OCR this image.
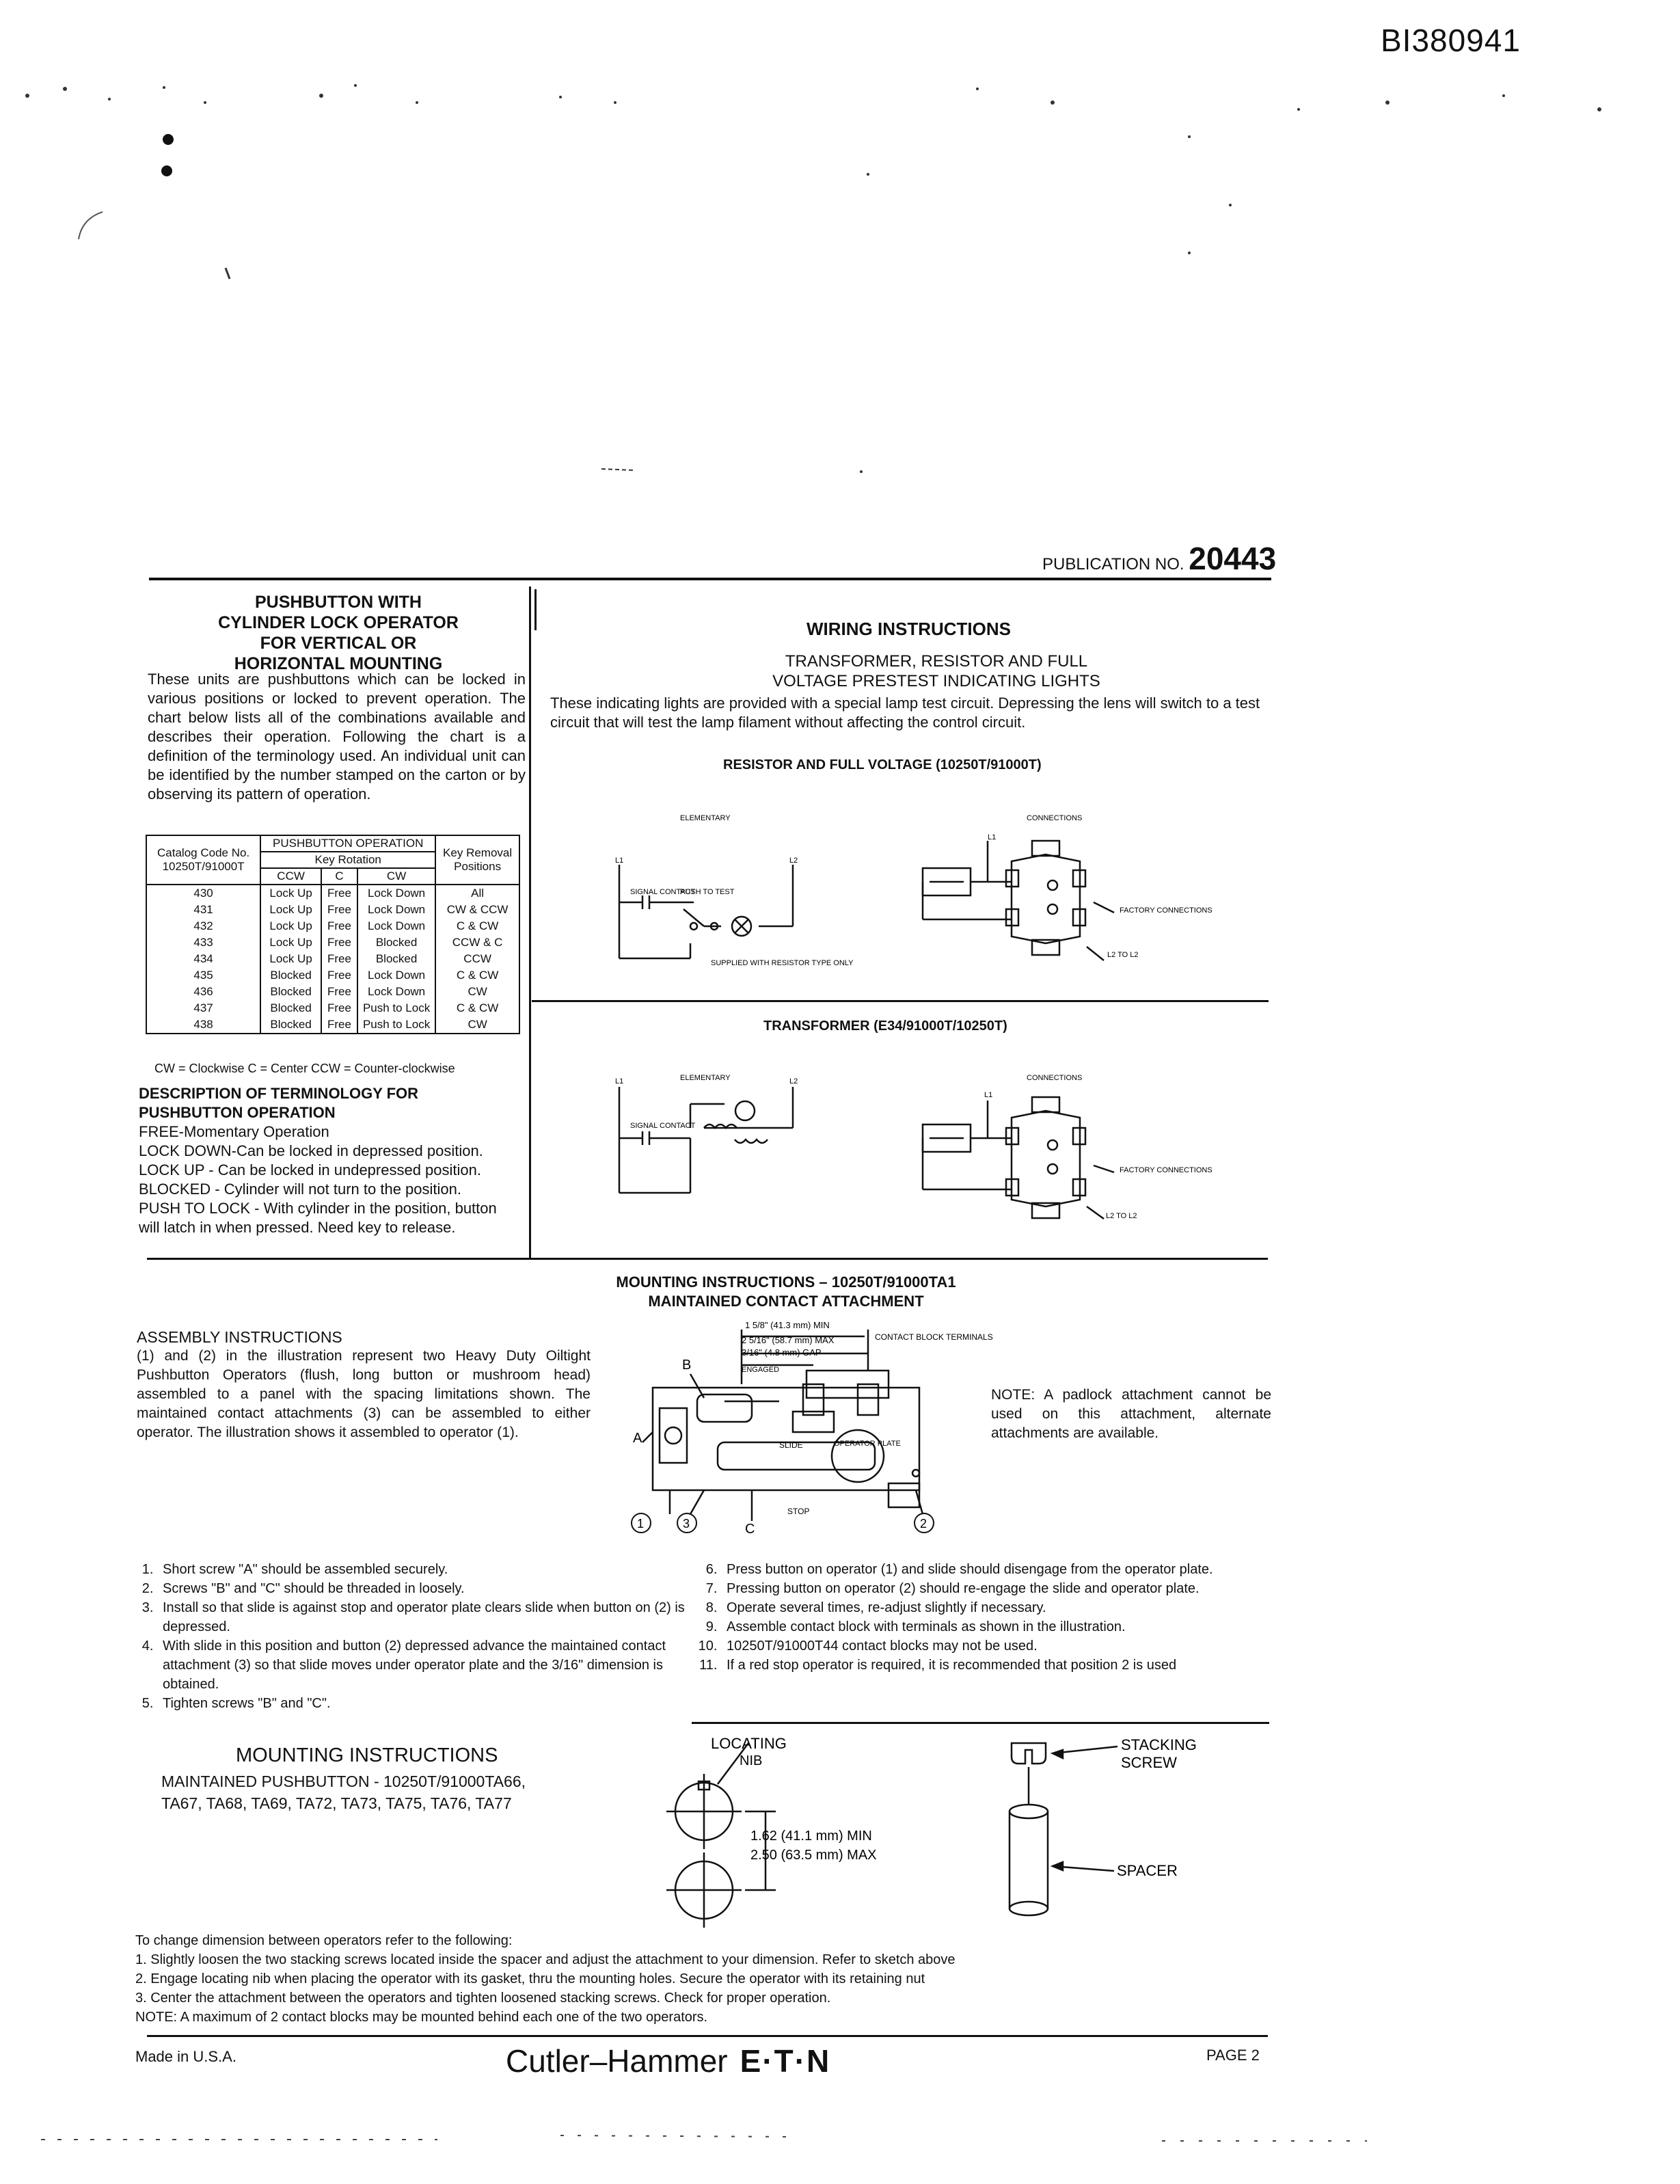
BI380941
PUBLICATION NO. 20443
PUSHBUTTON WITH
CYLINDER LOCK OPERATOR
FOR VERTICAL OR
HORIZONTAL MOUNTING
These units are pushbuttons which can be locked in various positions or locked to prevent operation. The chart below lists all of the combinations available and describes their operation. Following the chart is a definition of the terminology used. An individual unit can be identified by the number stamped on the carton or by observing its pattern of operation.
Catalog Code No. 10250T/91000T	PUSHBUTTON OPERATION			Key Removal Positions
	Key Rotation			
	CCW	C	CW	
430	Lock Up	Free	Lock Down	All
431	Lock Up	Free	Lock Down	CW & CCW
432	Lock Up	Free	Lock Down	C & CW
433	Lock Up	Free	Blocked	CCW & C
434	Lock Up	Free	Blocked	CCW
435	Blocked	Free	Lock Down	C & CW
436	Blocked	Free	Lock Down	CW
437	Blocked	Free	Push to Lock	C & CW
438	Blocked	Free	Push to Lock	CW
CW = Clockwise C = Center CCW = Counter-clockwise
DESCRIPTION OF TERMINOLOGY FOR
PUSHBUTTON OPERATION
FREE-Momentary Operation
LOCK DOWN-Can be locked in depressed position.
LOCK UP - Can be locked in undepressed position.
BLOCKED - Cylinder will not turn to the position.
PUSH TO LOCK - With cylinder in the position, button will latch in when pressed. Need key to release.
WIRING INSTRUCTIONS
TRANSFORMER, RESISTOR AND FULL
VOLTAGE PRESTEST INDICATING LIGHTS
These indicating lights are provided with a special lamp test circuit. Depressing the lens will switch to a test circuit that will test the lamp filament without affecting the control circuit.
RESISTOR AND FULL VOLTAGE (10250T/91000T)
ELEMENTARY	CONNECTIONS
L1	L2
L1
SIGNAL CONTACT
PUSH TO TEST
SUPPLIED WITH RESISTOR TYPE ONLY
FACTORY CONNECTIONS
L2 TO L2
TRANSFORMER (E34/91000T/10250T)
ELEMENTARY	CONNECTIONS
L1	L2
L1
SIGNAL CONTACT
FACTORY CONNECTIONS
L2 TO L2
MOUNTING INSTRUCTIONS – 10250T/91000TA1
MAINTAINED CONTACT ATTACHMENT
ASSEMBLY INSTRUCTIONS
(1) and (2) in the illustration represent two Heavy Duty Oiltight Pushbutton Operators (flush, long button or mushroom head) assembled to a panel with the spacing limitations shown. The maintained contact attachments (3) can be assembled to either operator. The illustration shows it assembled to operator (1).
NOTE: A padlock attachment cannot be used on this attachment, alternate attachments are available.
1 5/8" (41.3 mm) MIN
2 5/16" (58.7 mm) MAX
3/16" (4.8 mm) GAP
ENGAGED
CONTACT BLOCK TERMINALS
SLIDE	OPERATOR PLATE
STOP
A
B
C
1	3	2
1. Short screw "A" should be assembled securely.
2. Screws "B" and "C" should be threaded in loosely.
3. Install so that slide is against stop and operator plate clears slide when button on (2) is depressed.
4. With slide in this position and button (2) depressed advance the maintained contact attachment (3) so that slide moves under operator plate and the 3/16" dimension is obtained.
5. Tighten screws "B" and "C".
6. Press button on operator (1) and slide should disengage from the operator plate.
7. Pressing button on operator (2) should re-engage the slide and operator plate.
8. Operate several times, re-adjust slightly if necessary.
9. Assemble contact block with terminals as shown in the illustration.
10. 10250T/91000T44 contact blocks may not be used.
11. If a red stop operator is required, it is recommended that position 2 is used
MOUNTING INSTRUCTIONS
MAINTAINED PUSHBUTTON - 10250T/91000TA66,
TA67, TA68, TA69, TA72, TA73, TA75, TA76, TA77
LOCATING
NIB
1.62 (41.1 mm) MIN
2.50 (63.5 mm) MAX
STACKING
SCREW
SPACER
To change dimension between operators refer to the following:
1. Slightly loosen the two stacking screws located inside the spacer and adjust the attachment to your dimension. Refer to sketch above
2. Engage locating nib when placing the operator with its gasket, thru the mounting holes. Secure the operator with its retaining nut
3. Center the attachment between the operators and tighten loosened stacking screws. Check for proper operation.
NOTE: A maximum of 2 contact blocks may be mounted behind each one of the two operators.
Made in U.S.A.	Cutler–Hammer E·T·N	PAGE 2
